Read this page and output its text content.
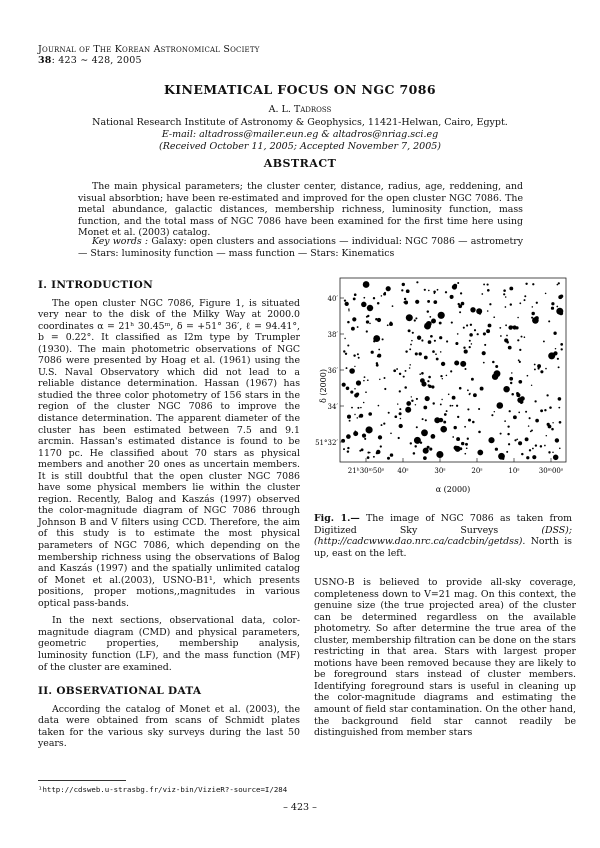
Journal of The Korean Astronomical Society
38: 423 ∼ 428, 2005
KINEMATICAL FOCUS ON NGC 7086
A. L. Tadross
National Research Institute of Astronomy & Geophysics, 11421-Helwan, Cairo, Egypt.
E-mail: altadross@mailer.eun.eg & altadros@nriag.sci.eg
(Received October 11, 2005; Accepted November 7, 2005)
ABSTRACT
The main physical parameters; the cluster center, distance, radius, age, reddening, and visual absorbtion; have been re-estimated and improved for the open cluster NGC 7086. The metal abundance, galactic distances, membership richness, luminosity function, mass function, and the total mass of NGC 7086 have been examined for the first time here using Monet et al. (2003) catalog.
Key words : Galaxy: open clusters and associations — individual: NGC 7086 — astrometry — Stars: luminosity function — mass function — Stars: Kinematics
I. INTRODUCTION

The open cluster NGC 7086, Figure 1, is situated very near to the disk of the Milky Way at 2000.0 coordinates α = 21ʰ 30.45ᵐ, δ = +51° 36′, ℓ = 94.41°, b = 0.22°. It classified as I2m type by Trumpler (1930). The main photometric observations of NGC 7086 were presented by Hoag et al. (1961) using the U.S. Naval Observatory which did not lead to a reliable distance determination. Hassan (1967) has studied the three color photometry of 156 stars in the region of the cluster NGC 7086 to improve the distance determination. The apparent diameter of the cluster has been estimated between 7.5 and 9.1 arcmin. Hassan's estimated distance is found to be 1170 pc. He classified about 70 stars as physical members and another 20 ones as uncertain members. It is still doubtful that the open cluster NGC 7086 have some physical members lie within the cluster region. Recently, Balog and Kaszás (1997) observed the color-magnitude diagram of NGC 7086 through Johnson B and V filters using CCD. Therefore, the aim of this study is to estimate the most physical parameters of NGC 7086, which depending on the membership richness using the observations of Balog and Kaszás (1997) and the spatially unlimited catalog of Monet et al.(2003), USNO-B1¹, which presents positions, proper motions,,magnitudes in various optical pass-bands.

In the next sections, observational data, color-magnitude diagram (CMD) and physical parameters, geometric properties, membership analysis, luminosity function (LF), and the mass function (MF) of the cluster are examined.

II. OBSERVATIONAL DATA

According the catalog of Monet et al. (2003), the data were obtained from scans of Schmidt plates taken for the various sky surveys during the last 50 years.

¹http://cdsweb.u-strasbg.fr/viz-bin/VizieR?-source=I/284
40′
38′
36′
34′
51°32′
21ʰ30ᵐ50ˢ 40ˢ	30ˢ	20ˢ	10ˢ	30ᵐ00ˢ
δ (2000)
α (2000)
Fig. 1.— The image of NGC 7086 as taken from Digitized Sky Surveys (DSS); (http://cadcwww.dao.nrc.ca/cadcbin/getdss). North is up, east on the left.

USNO-B is believed to provide all-sky coverage, completeness down to V=21 mag. On this context, the genuine size (the true projected area) of the cluster can be determined regardless on the available photometry. So after determine the true area of the cluster, membership filtration can be done on the stars restricting in that area. Stars with largest proper motions have been removed because they are likely to be foreground stars instead of cluster members. Identifying foreground stars is useful in cleaning up the color-magnitude diagrams and estimating the amount of field star contamination. On the other hand, the background field star cannot readily be distinguished from member stars

– 423 –
